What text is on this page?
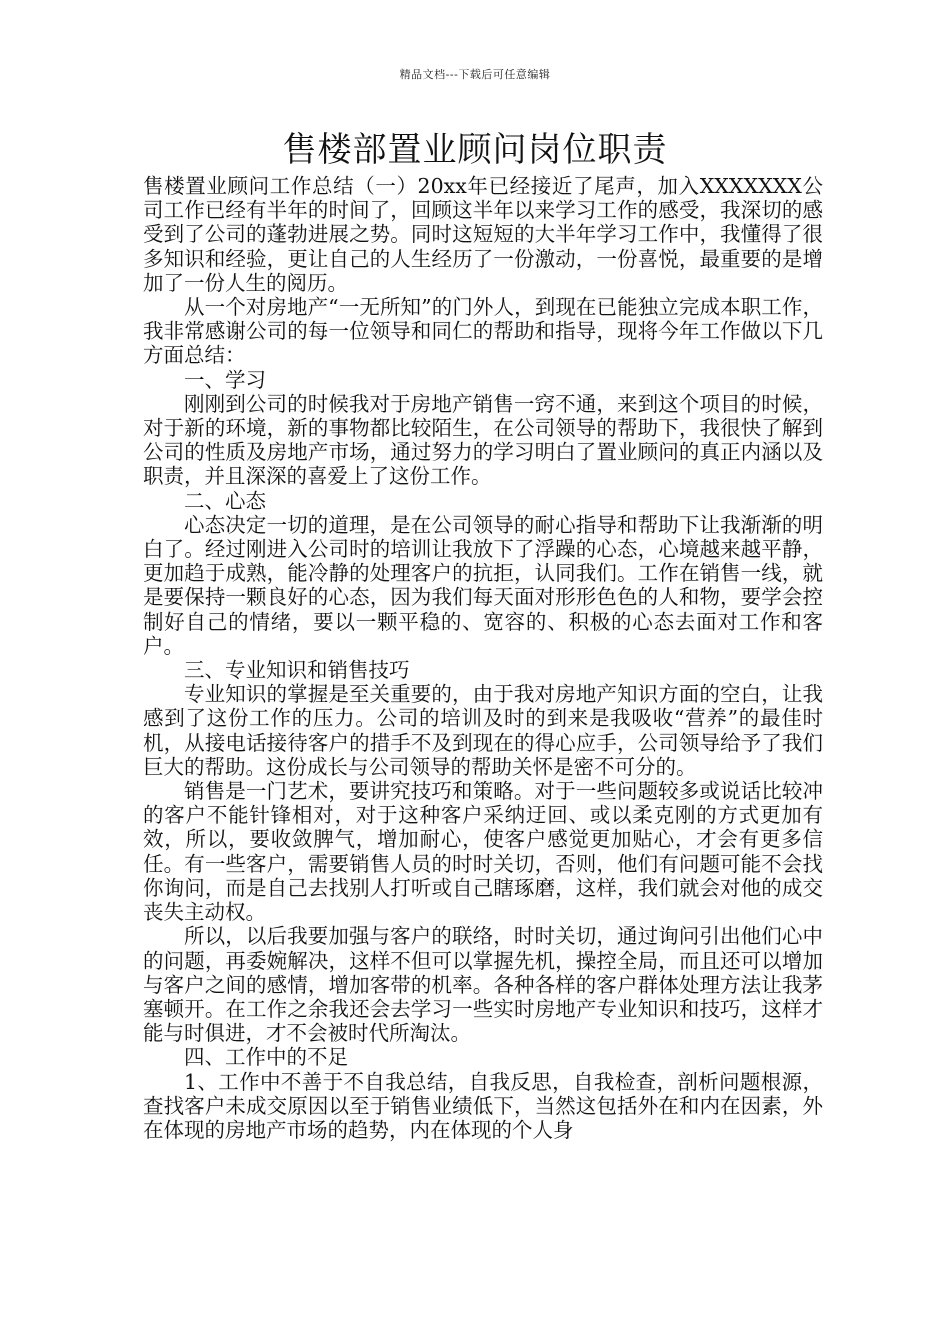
精品文档---下载后可任意编辑
售楼部置业顾问岗位职责

售楼置业顾问工作总结（一）20xx年已经接近了尾声，加入XXXXXXX公司工作已经有半年的时间了，回顾这半年以来学习工作的感受，我深切的感受到了公司的蓬勃进展之势。同时这短短的大半年学习工作中，我懂得了很多知识和经验，更让自己的人生经历了一份激动，一份喜悦，最重要的是增加了一份人生的阅历。

从一个对房地产“一无所知”的门外人，到现在已能独立完成本职工作，我非常感谢公司的每一位领导和同仁的帮助和指导，现将今年工作做以下几方面总结：

一、学习

刚刚到公司的时候我对于房地产销售一窍不通，来到这个项目的时候，对于新的环境，新的事物都比较陌生，在公司领导的帮助下，我很快了解到公司的性质及房地产市场，通过努力的学习明白了置业顾问的真正内涵以及职责，并且深深的喜爱上了这份工作。

二、心态

心态决定一切的道理，是在公司领导的耐心指导和帮助下让我渐渐的明白了。经过刚进入公司时的培训让我放下了浮躁的心态，心境越来越平静，更加趋于成熟，能冷静的处理客户的抗拒，认同我们。工作在销售一线，就是要保持一颗良好的心态，因为我们每天面对形形色色的人和物，要学会控制好自己的情绪，要以一颗平稳的、宽容的、积极的心态去面对工作和客户。

三、专业知识和销售技巧

专业知识的掌握是至关重要的，由于我对房地产知识方面的空白，让我感到了这份工作的压力。公司的培训及时的到来是我吸收“营养”的最佳时机，从接电话接待客户的措手不及到现在的得心应手，公司领导给予了我们巨大的帮助。这份成长与公司领导的帮助关怀是密不可分的。

销售是一门艺术，要讲究技巧和策略。对于一些问题较多或说话比较冲的客户不能针锋相对，对于这种客户采纳迂回、或以柔克刚的方式更加有效，所以，要收敛脾气，增加耐心，使客户感觉更加贴心，才会有更多信任。有一些客户，需要销售人员的时时关切，否则，他们有问题可能不会找你询问，而是自己去找别人打听或自己瞎琢磨，这样，我们就会对他的成交丧失主动权。

所以，以后我要加强与客户的联络，时时关切，通过询问引出他们心中的问题，再委婉解决，这样不但可以掌握先机，操控全局，而且还可以增加与客户之间的感情，增加客带的机率。各种各样的客户群体处理方法让我茅塞顿开。在工作之余我还会去学习一些实时房地产专业知识和技巧，这样才能与时俱进，才不会被时代所淘汰。

四、工作中的不足

1、工作中不善于不自我总结，自我反思，自我检查，剖析问题根源，查找客户未成交原因以至于销售业绩低下，当然这包括外在和内在因素，外在体现的房地产市场的趋势，内在体现的个人身
